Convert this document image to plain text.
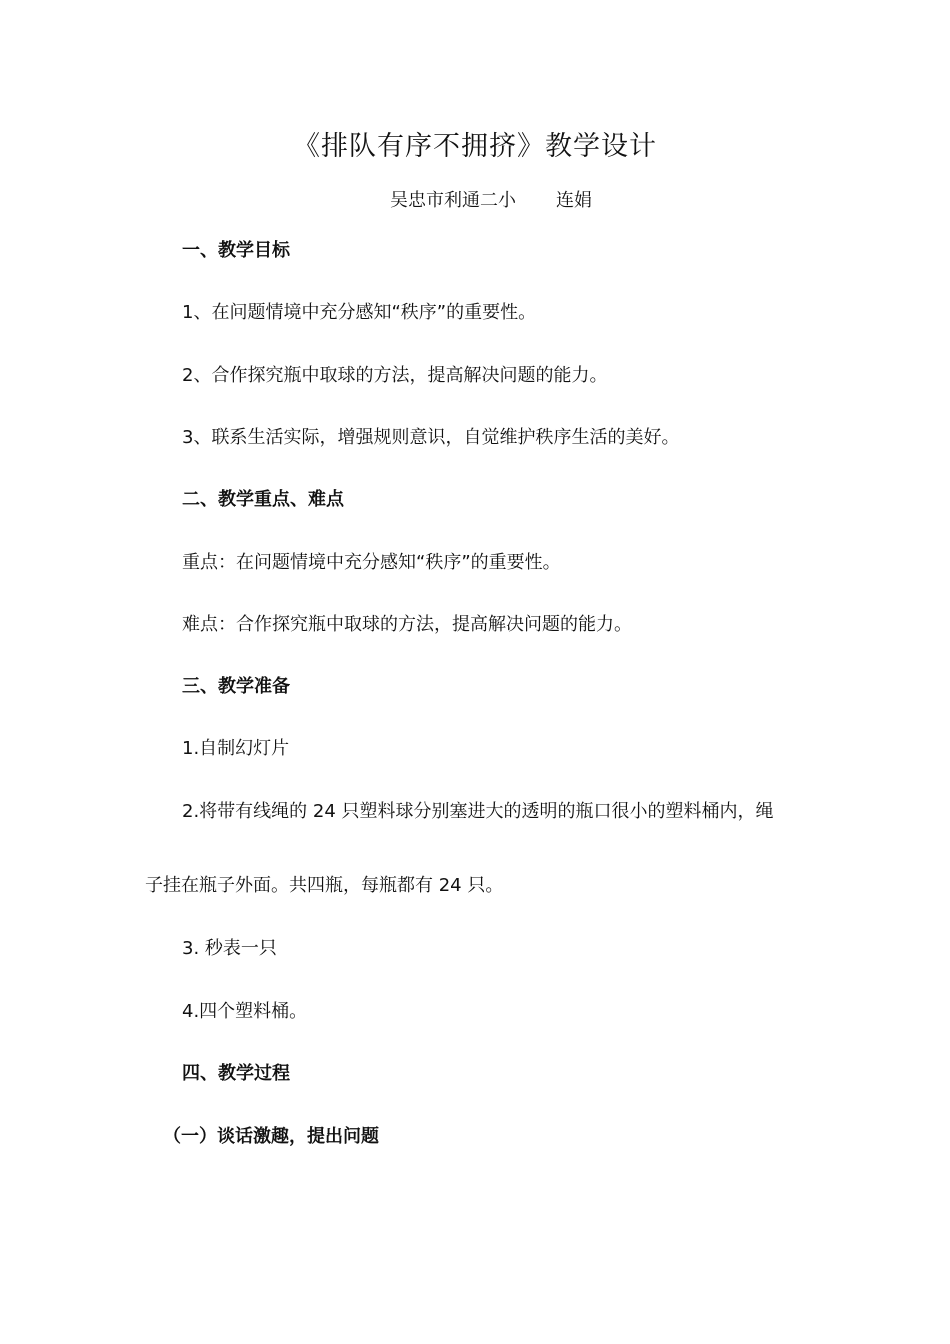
《排队有序不拥挤》教学设计
吴忠市利通二小 连娟
一、教学目标
1、在问题情境中充分感知“秩序”的重要性。
2、合作探究瓶中取球的方法，提高解决问题的能力。
3、联系生活实际，增强规则意识，自觉维护秩序生活的美好。
二、教学重点、难点
重点：在问题情境中充分感知“秩序”的重要性。
难点：合作探究瓶中取球的方法，提高解决问题的能力。
三、教学准备
1.自制幻灯片
2.将带有线绳的 24 只塑料球分别塞进大的透明的瓶口很小的塑料桶内，绳
子挂在瓶子外面。共四瓶，每瓶都有 24 只。
3. 秒表一只
4.四个塑料桶。
四、教学过程
（一）谈话激趣，提出问题
